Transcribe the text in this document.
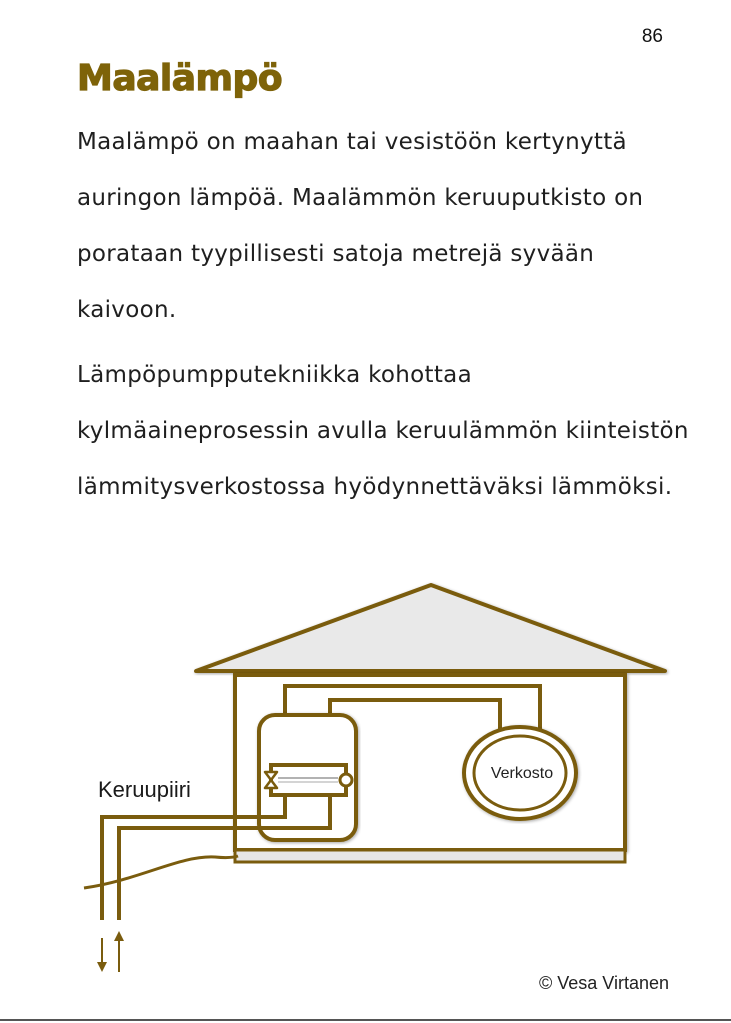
86
Maalämpö

Maalämpö on maahan tai vesistöön kertynyttä auringon lämpöä. Maalämmön keruuputkisto on porataan tyypillisesti satoja metrejä syvään kaivoon.

Lämpöpumpputekniikka kohottaa kylmäaineprosessin avulla keruulämmön kiinteistön lämmitysverkostossa hyödynnettäväksi lämmöksi.

Verkosto
Keruupiiri
© Vesa Virtanen
